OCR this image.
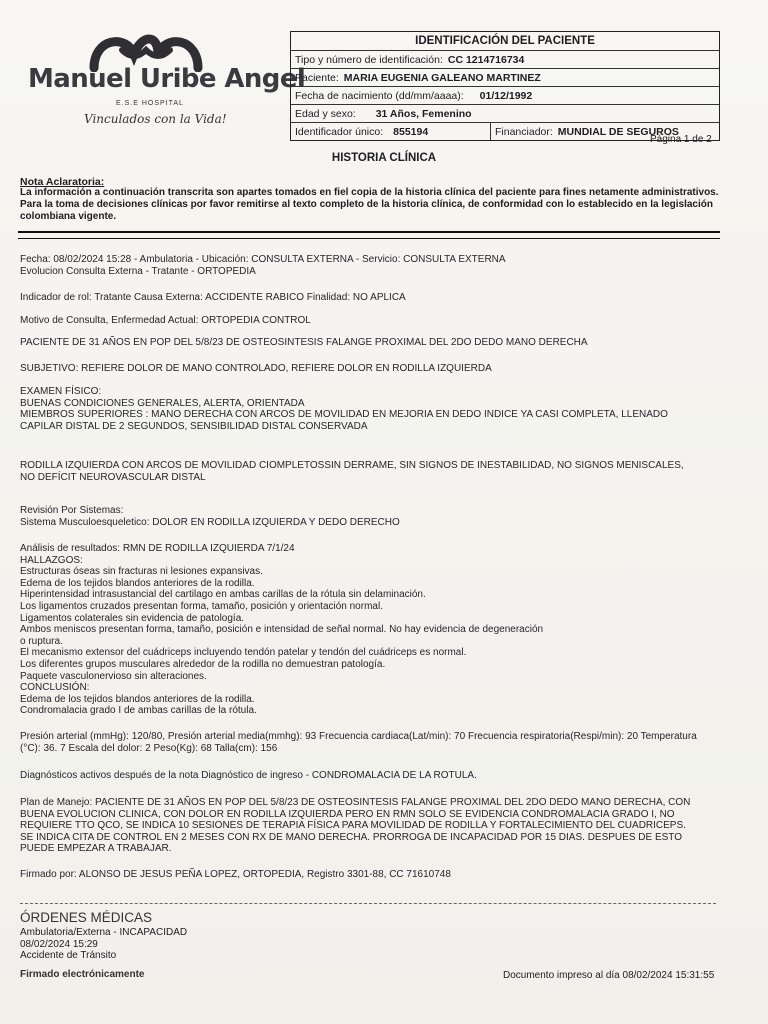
Manuel Uribe Angel
E.S.E HOSPITAL
Vinculados con la Vida!
IDENTIFICACIÓN DEL PACIENTE
Tipo y número de identificación: CC 1214716734
Paciente: MARIA EUGENIA GALEANO MARTINEZ
Fecha de nacimiento (dd/mm/aaaa): 01/12/1992
Edad y sexo: 31 Años, Femenino
Identificador único: 855194	Financiador: MUNDIAL DE SEGUROS
Página 1 de 2
HISTORIA CLÍNICA
Nota Aclaratoria:
La información a continuación transcrita son apartes tomados en fiel copia de la historia clínica del paciente para fines netamente administrativos. Para la toma de decisiones clínicas por favor remitirse al texto completo de la historia clínica, de conformidad con lo establecido en la legislación colombiana vigente.

Fecha: 08/02/2024 15:28 - Ambulatoria - Ubicación: CONSULTA EXTERNA - Servicio: CONSULTA EXTERNA

Evolucion Consulta Externa - Tratante - ORTOPEDIA

Indicador de rol: Tratante Causa Externa: ACCIDENTE RABICO Finalidad: NO APLICA

Motivo de Consulta, Enfermedad Actual: ORTOPEDIA CONTROL

PACIENTE DE 31 AÑOS EN POP DEL 5/8/23 DE OSTEOSINTESIS FALANGE PROXIMAL DEL 2DO DEDO MANO DERECHA

SUBJETIVO: REFIERE DOLOR DE MANO CONTROLADO, REFIERE DOLOR EN RODILLA IZQUIERDA

EXAMEN FÍSICO:

BUENAS CONDICIONES GENERALES, ALERTA, ORIENTADA

MIEMBROS SUPERIORES : MANO DERECHA CON ARCOS DE MOVILIDAD EN MEJORIA EN DEDO INDICE YA CASI COMPLETA, LLENADO

CAPILAR DISTAL DE 2 SEGUNDOS, SENSIBILIDAD DISTAL CONSERVADA

RODILLA IZQUIERDA CON ARCOS DE MOVILIDAD CIOMPLETOSSIN DERRAME, SIN SIGNOS DE INESTABILIDAD, NO SIGNOS MENISCALES,

NO DEFÍCIT NEUROVASCULAR DISTAL

Revisión Por Sistemas:

Sistema Musculoesqueletico: DOLOR EN RODILLA IZQUIERDA Y DEDO DERECHO

Análisis de resultados: RMN DE RODILLA IZQUIERDA 7/1/24

HALLAZGOS:

Estructuras óseas sin fracturas ni lesiones expansivas.

Edema de los tejidos blandos anteriores de la rodilla.

Hiperintensidad intrasustancial del cartilago en ambas carillas de la rótula sin delaminación.

Los ligamentos cruzados presentan forma, tamaño, posición y orientación normal.

Ligamentos colaterales sin evidencia de patología.

Ambos meniscos presentan forma, tamaño, posición e intensidad de señal normal. No hay evidencia de degeneración

o ruptura.

El mecanismo extensor del cuádriceps incluyendo tendón patelar y tendón del cuádriceps es normal.

Los diferentes grupos musculares alrededor de la rodilla no demuestran patología.

Paquete vasculonervioso sin alteraciones.

CONCLUSIÓN:

Edema de los tejidos blandos anteriores de la rodilla.

Condromalacia grado I de ambas carillas de la rótula.

Presión arterial (mmHg): 120/80, Presión arterial media(mmhg): 93 Frecuencia cardiaca(Lat/min): 70 Frecuencia respiratoria(Respi/min): 20 Temperatura

(°C): 36. 7 Escala del dolor: 2 Peso(Kg): 68 Talla(cm): 156

Diagnósticos activos después de la nota Diagnóstico de ingreso - CONDROMALACIA DE LA ROTULA.

Plan de Manejo: PACIENTE DE 31 AÑOS EN POP DEL 5/8/23 DE OSTEOSINTESIS FALANGE PROXIMAL DEL 2DO DEDO MANO DERECHA, CON

BUENA EVOLUCION CLINICA, CON DOLOR EN RODILLA IZQUIERDA PERO EN RMN SOLO SE EVIDENCIA CONDROMALACIA GRADO I, NO

REQUIERE TTO QCO, SE INDICA 10 SESIONES DE TERAPIA FÍSICA PARA MOVILIDAD DE RODILLA Y FORTALECIMIENTO DEL CUADRICEPS.

SE INDICA CITA DE CONTROL EN 2 MESES CON RX DE MANO DERECHA. PRORROGA DE INCAPACIDAD POR 15 DIAS. DESPUES DE ESTO

PUEDE EMPEZAR A TRABAJAR.

Firmado por: ALONSO DE JESUS PEÑA LOPEZ, ORTOPEDIA, Registro 3301-88, CC 71610748

ÓRDENES MÉDICAS
Ambulatoria/Externa - INCAPACIDAD
08/02/2024 15:29
Accidente de Tránsito
Firmado electrónicamente	Documento impreso al día 08/02/2024 15:31:55
